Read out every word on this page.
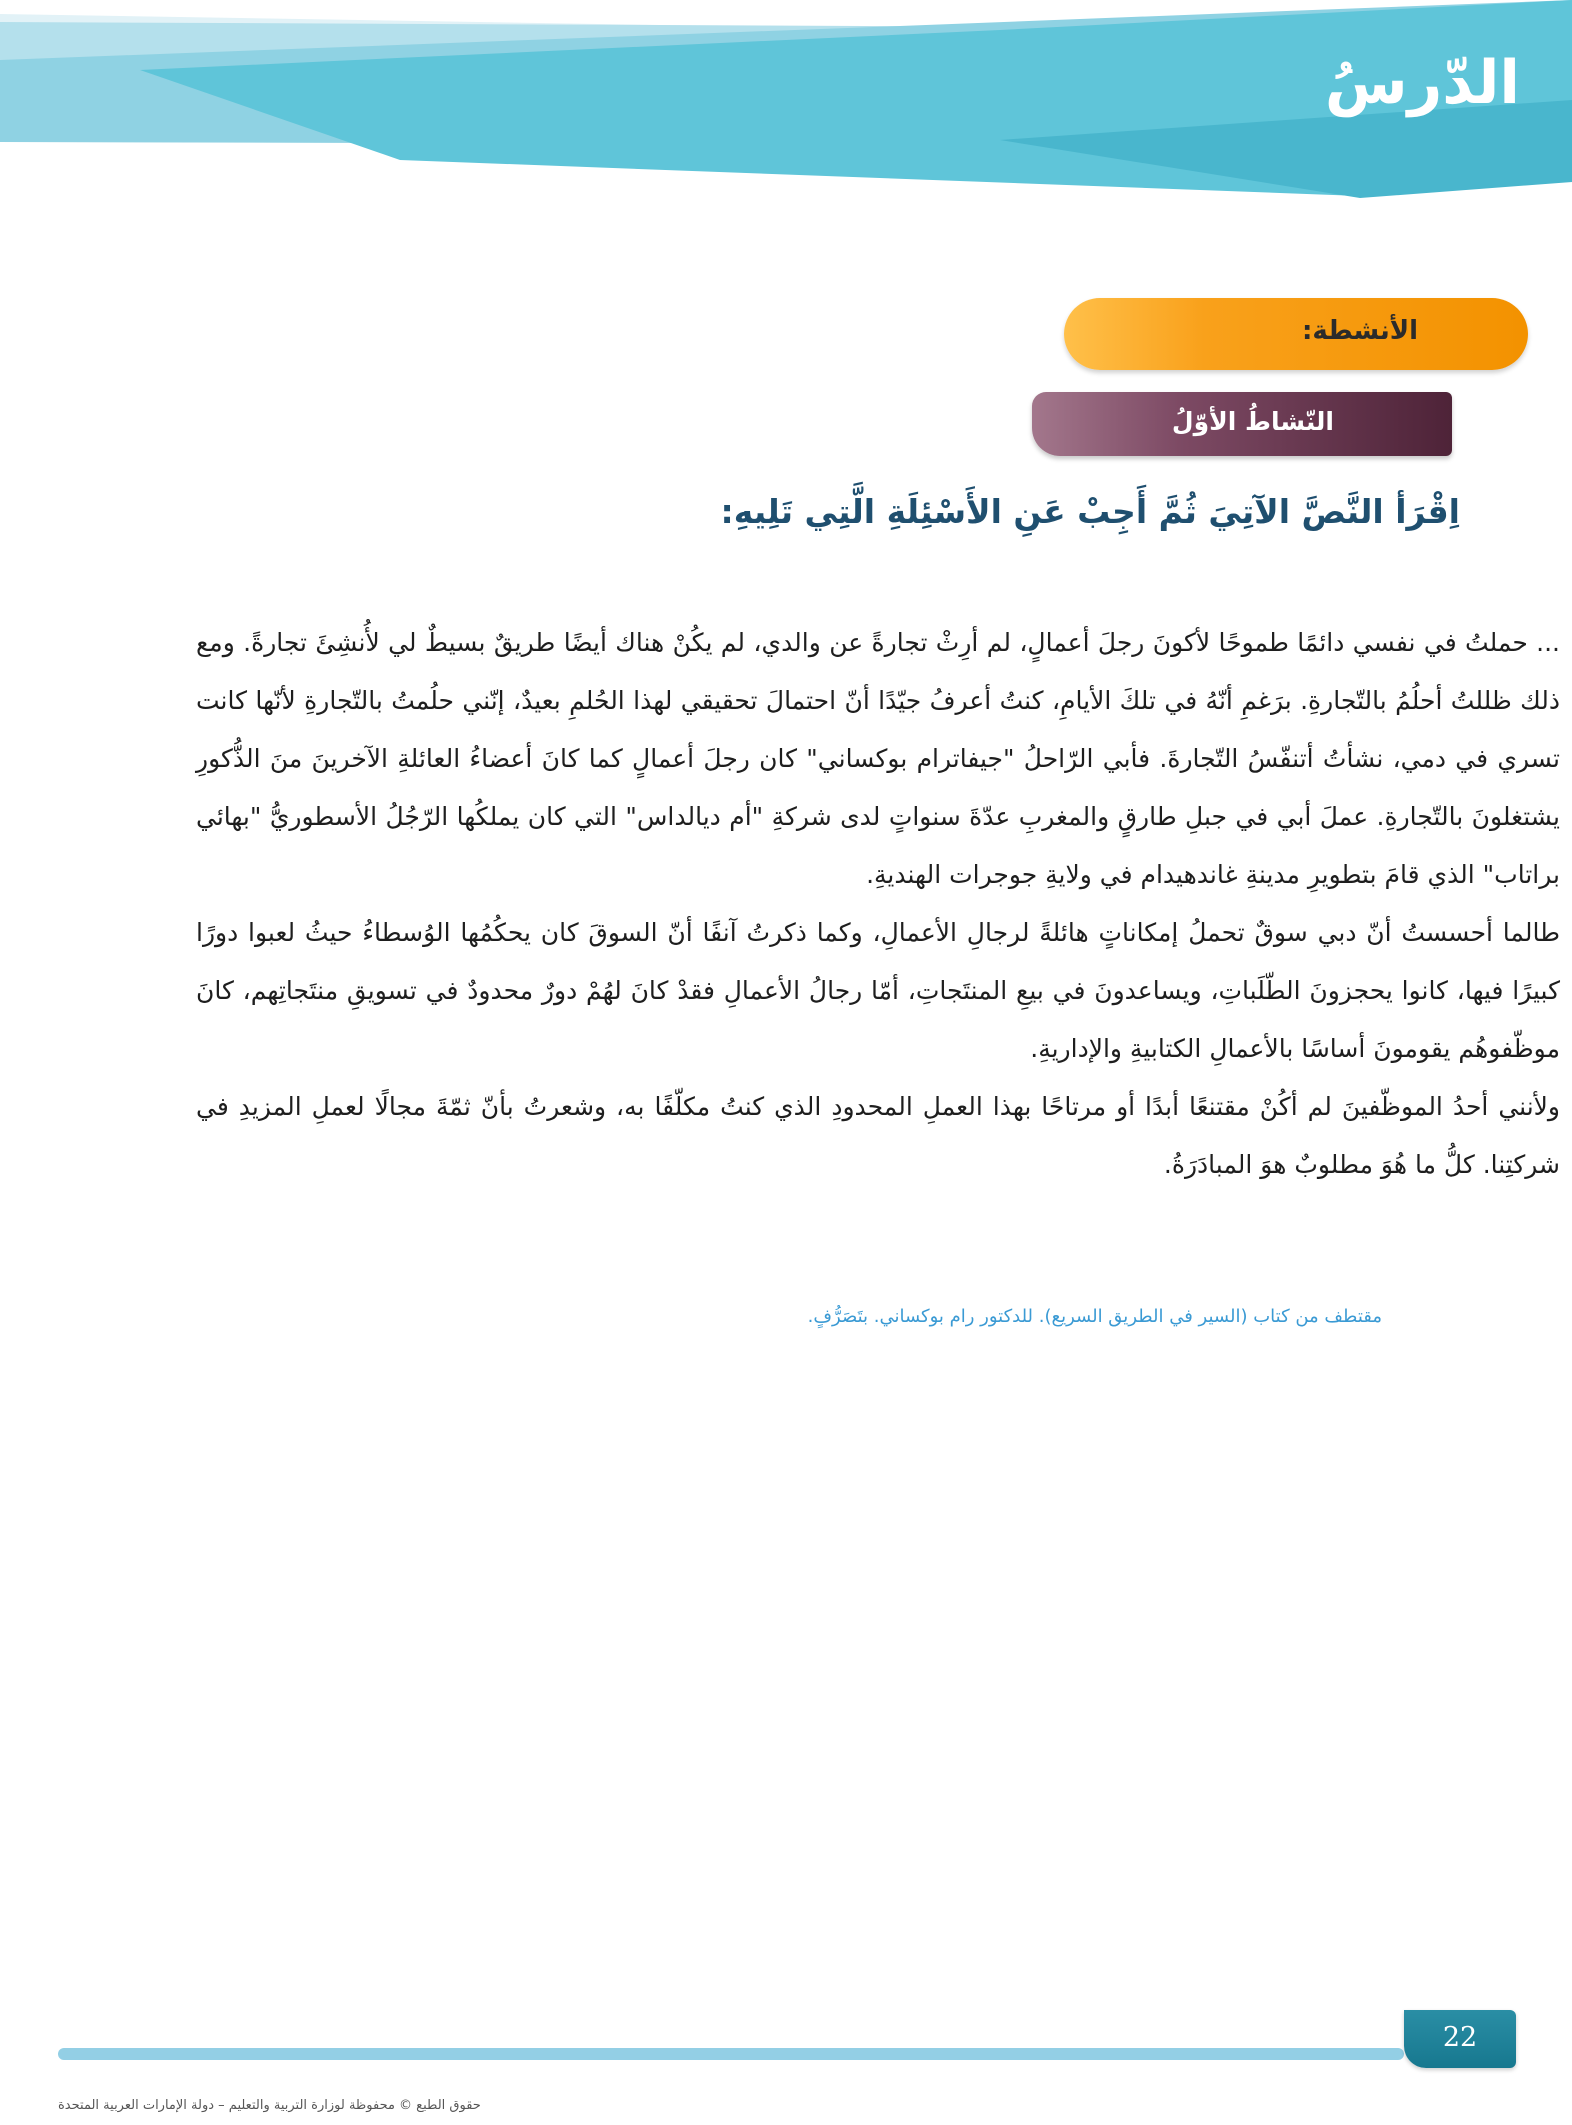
الدّرسُ
الأنشطة:
النّشاطُ الأوّلُ

اِقْرَأ النَّصَّ الآتِيَ ثُمَّ أَجِبْ عَنِ الأَسْئِلَةِ الَّتِي تَلِيهِ:

... حملتُ في نفسي دائمًا طموحًا لأكونَ رجلَ أعمالٍ، لم أرِثْ تجارةً عن والدي، لم يكُنْ هناك أيضًا طريقٌ بسيطٌ لي لأُنشِئَ تجارةً. ومع ذلك ظللتُ أحلُمُ بالتّجارةِ. برَغمِ أنّهُ في تلكَ الأيامِ، كنتُ أعرفُ جيّدًا أنّ احتمالَ تحقيقي لهذا الحُلمِ بعيدٌ، إنّني حلُمتُ بالتّجارةِ لأنّها كانت تسري في دمي، نشأتُ أتنفّسُ التّجارةَ. فأبي الرّاحلُ "جيفاترام بوكساني" كان رجلَ أعمالٍ كما كانَ أعضاءُ العائلةِ الآخرينَ منَ الذُّكورِ يشتغلونَ بالتّجارةِ. عملَ أبي في جبلِ طارقٍ والمغربِ عدّةَ سنواتٍ لدى شركةِ "أم ديالداس" التي كان يملكُها الرّجُلُ الأسطوريُّ "بهائي براتاب" الذي قامَ بتطويرِ مدينةِ غاندهيدام في ولايةِ جوجرات الهنديةِ.

طالما أحسستُ أنّ دبي سوقٌ تحملُ إمكاناتٍ هائلةً لرجالِ الأعمالِ، وكما ذكرتُ آنفًا أنّ السوقَ كان يحكُمُها الوُسطاءُ حيثُ لعبوا دورًا كبيرًا فيها، كانوا يحجزونَ الطّلَباتِ، ويساعدونَ في بيعِ المنتَجاتِ، أمّا رجالُ الأعمالِ فقدْ كانَ لهُمْ دورٌ محدودٌ في تسويقِ منتَجاتِهم، كانَ موظّفوهُم يقومونَ أساسًا بالأعمالِ الكتابيةِ والإداريةِ.

ولأنني أحدُ الموظّفينَ لم أكُنْ مقتنعًا أبدًا أو مرتاحًا بهذا العملِ المحدودِ الذي كنتُ مكلّفًا به، وشعرتُ بأنّ ثمّةَ مجالًا لعملِ المزيدِ في شركتِنا. كلُّ ما هُوَ مطلوبٌ هوَ المبادَرَةُ.

مقتطف من كتاب (السير في الطريق السريع). للدكتور رام بوكساني. بتَصَرُّفٍ.

22

حقوق الطبع © محفوظة لوزارة التربية والتعليم – دولة الإمارات العربية المتحدة
